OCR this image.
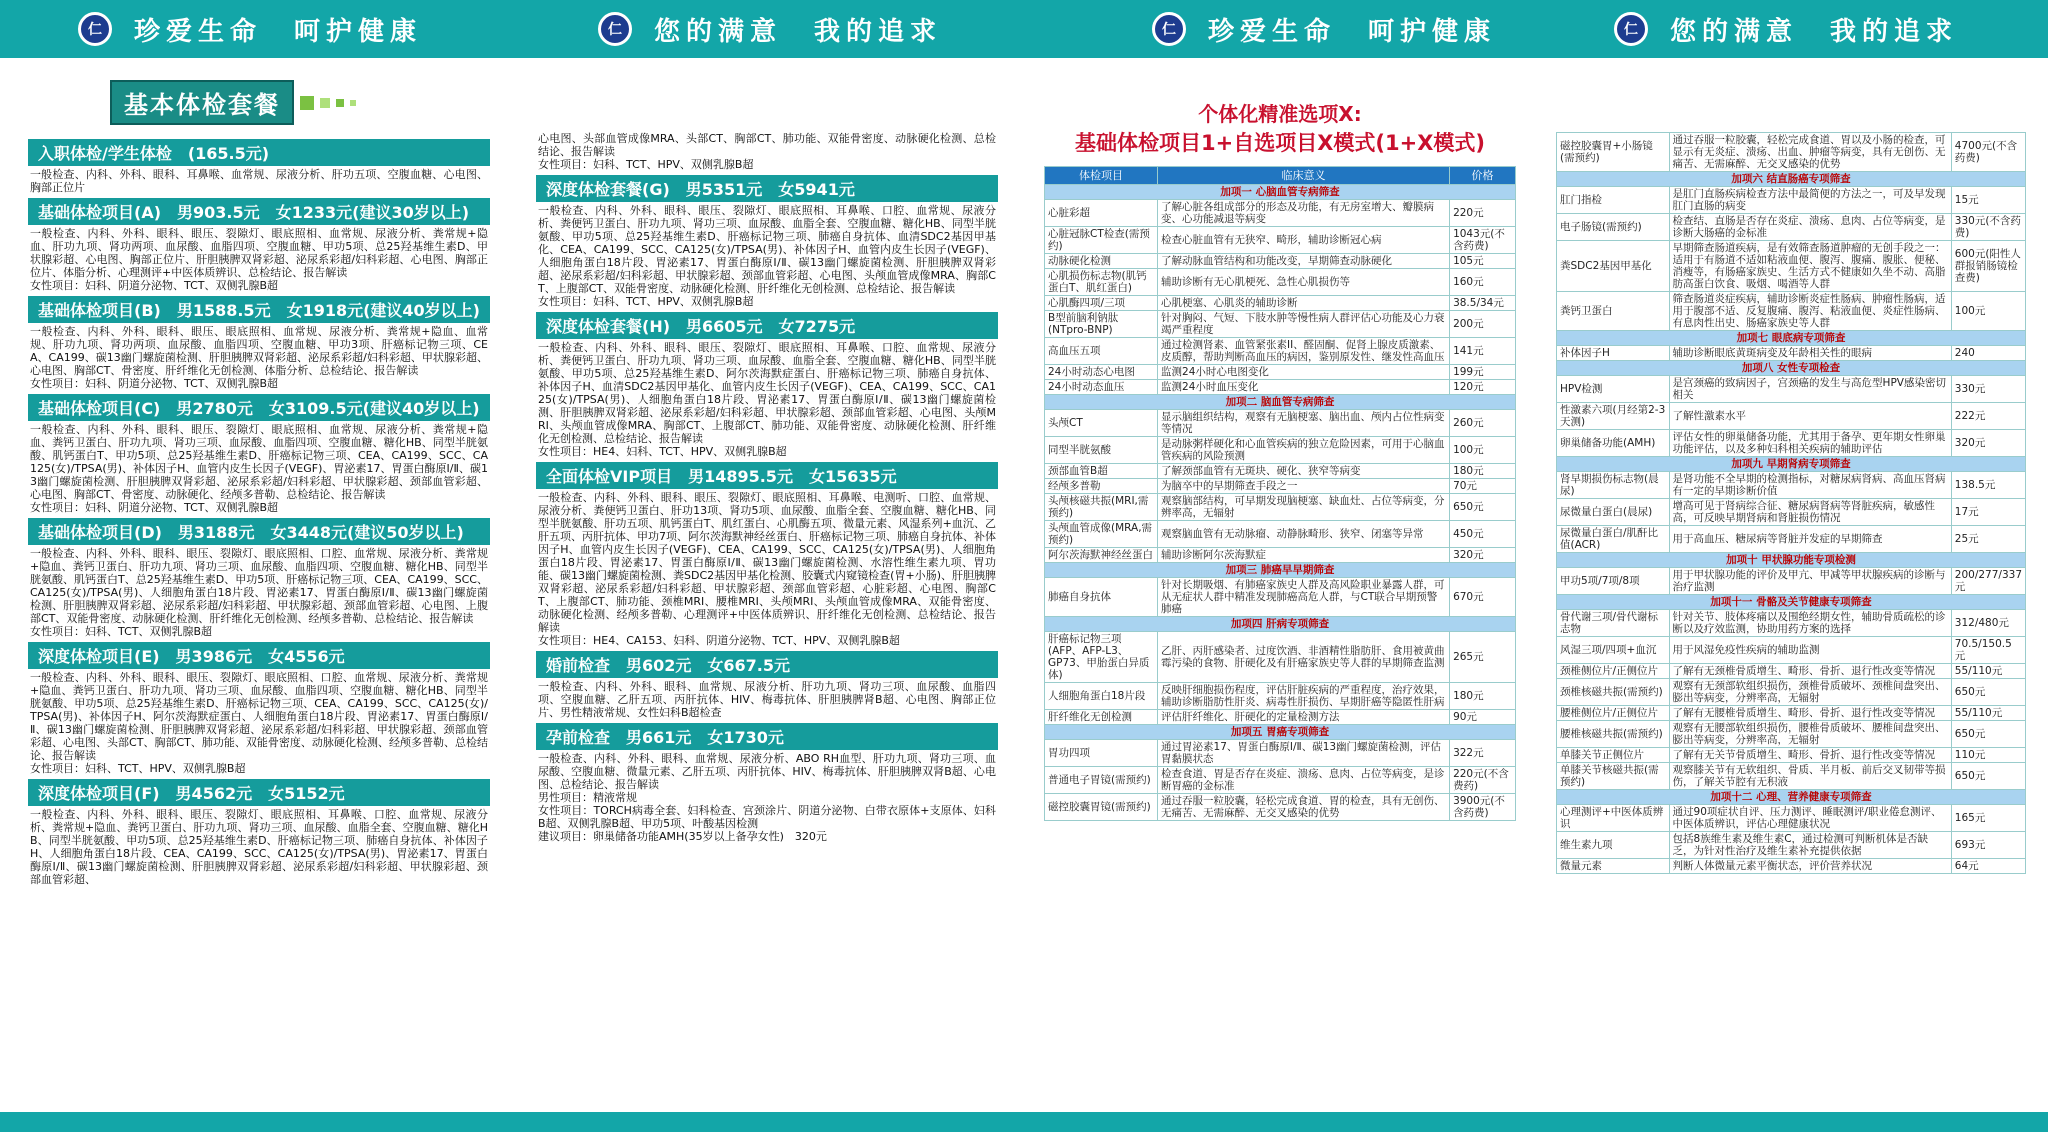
仁	珍爱生命　呵护健康	仁	您的满意　我的追求	仁	珍爱生命　呵护健康	仁	您的满意　我的追求
基本体检套餐
入职体检/学生体检　(165.5元)
一般检查、内科、外科、眼科、耳鼻喉、血常规、尿液分析、肝功五项、空腹血糖、心电图、胸部正位片
基础体检项目(A)　男903.5元　女1233元(建议30岁以上)
一般检查、内科、外科、眼科、眼压、裂隙灯、眼底照相、血常规、尿液分析、粪常规+隐血、肝功九项、肾功两项、血尿酸、血脂四项、空腹血糖、甲功5项、总25羟基维生素D、甲状腺彩超、心电图、胸部正位片、肝胆胰脾双肾彩超、泌尿系彩超/妇科彩超、心电图、胸部正位片、体脂分析、心理测评+中医体质辨识、总检结论、报告解读
女性项目：妇科、阴道分泌物、TCT、双侧乳腺B超
基础体检项目(B)　男1588.5元　女1918元(建议40岁以上)
一般检查、内科、外科、眼科、眼压、眼底照相、血常规、尿液分析、粪常规+隐血、血常规、肝功九项、肾功两项、血尿酸、血脂四项、空腹血糖、甲功3项、肝癌标记物三项、CEA、CA199、碳13幽门螺旋菌检测、肝胆胰脾双肾彩超、泌尿系彩超/妇科彩超、甲状腺彩超、心电图、胸部CT、骨密度、肝纤维化无创检测、体脂分析、总检结论、报告解读
女性项目：妇科、阴道分泌物、TCT、双侧乳腺B超
基础体检项目(C)　男2780元　女3109.5元(建议40岁以上)
一般检查、内科、外科、眼科、眼压、裂隙灯、眼底照相、血常规、尿液分析、粪常规+隐血、粪钙卫蛋白、肝功九项、肾功三项、血尿酸、血脂四项、空腹血糖、糖化HB、同型半胱氨酸、肌钙蛋白T、甲功5项、总25羟基维生素D、肝癌标记物三项、CEA、CA199、SCC、CA125(女)/TPSA(男)、补体因子H、血管内皮生长因子(VEGF)、胃泌素17、胃蛋白酶原Ⅰ/Ⅱ、碳13幽门螺旋菌检测、肝胆胰脾双肾彩超、泌尿系彩超/妇科彩超、甲状腺彩超、颈部血管彩超、心电图、胸部CT、骨密度、动脉硬化、经颅多普勒、总检结论、报告解读
女性项目：妇科、阴道分泌物、TCT、双侧乳腺B超
基础体检项目(D)　男3188元　女3448元(建议50岁以上)
一般检查、内科、外科、眼科、眼压、裂隙灯、眼底照相、口腔、血常规、尿液分析、粪常规+隐血、粪钙卫蛋白、肝功九项、肾功三项、血尿酸、血脂四项、空腹血糖、糖化HB、同型半胱氨酸、肌钙蛋白T、总25羟基维生素D、甲功5项、肝癌标记物三项、CEA、CA199、SCC、CA125(女)/TPSA(男)、人细胞角蛋白18片段、胃泌素17、胃蛋白酶原Ⅰ/Ⅱ、碳13幽门螺旋菌检测、肝胆胰脾双肾彩超、泌尿系彩超/妇科彩超、甲状腺彩超、颈部血管彩超、心电图、上腹部CT、双能骨密度、动脉硬化检测、肝纤维化无创检测、经颅多普勒、总检结论、报告解读
女性项目：妇科、TCT、双侧乳腺B超
深度体检项目(E)　男3986元　女4556元
一般检查、内科、外科、眼科、眼压、裂隙灯、眼底照相、口腔、血常规、尿液分析、粪常规+隐血、粪钙卫蛋白、肝功九项、肾功三项、血尿酸、血脂四项、空腹血糖、糖化HB、同型半胱氨酸、甲功5项、总25羟基维生素D、肝癌标记物三项、CEA、CA199、SCC、CA125(女)/TPSA(男)、补体因子H、阿尔茨海默症蛋白、人细胞角蛋白18片段、胃泌素17、胃蛋白酶原Ⅰ/Ⅱ、碳13幽门螺旋菌检测、肝胆胰脾双肾彩超、泌尿系彩超/妇科彩超、甲状腺彩超、颈部血管彩超、心电图、头部CT、胸部CT、肺功能、双能骨密度、动脉硬化检测、经颅多普勒、总检结论、报告解读
女性项目：妇科、TCT、HPV、双侧乳腺B超
深度体检项目(F)　男4562元　女5152元
一般检查、内科、外科、眼科、眼压、裂隙灯、眼底照相、耳鼻喉、口腔、血常规、尿液分析、粪常规+隐血、粪钙卫蛋白、肝功九项、肾功三项、血尿酸、血脂全套、空腹血糖、糖化HB、同型半胱氨酸、甲功5项、总25羟基维生素D、肝癌标记物三项、肺癌自身抗体、补体因子H、人细胞角蛋白18片段、CEA、CA199、SCC、CA125(女)/TPSA(男)、胃泌素17、胃蛋白酶原Ⅰ/Ⅱ、碳13幽门螺旋菌检测、肝胆胰脾双肾彩超、泌尿系彩超/妇科彩超、甲状腺彩超、颈部血管彩超、
心电图、头部血管成像MRA、头部CT、胸部CT、肺功能、双能骨密度、动脉硬化检测、总检结论、报告解读
女性项目：妇科、TCT、HPV、双侧乳腺B超
深度体检套餐(G)　男5351元　女5941元
一般检查、内科、外科、眼科、眼压、裂隙灯、眼底照相、耳鼻喉、口腔、血常规、尿液分析、粪便钙卫蛋白、肝功九项、肾功三项、血尿酸、血脂全套、空腹血糖、糖化HB、同型半胱氨酸、甲功5项、总25羟基维生素D、肝癌标记物三项、肺癌自身抗体、血清SDC2基因甲基化、CEA、CA199、SCC、CA125(女)/TPSA(男)、补体因子H、血管内皮生长因子(VEGF)、人细胞角蛋白18片段、胃泌素17、胃蛋白酶原Ⅰ/Ⅱ、碳13幽门螺旋菌检测、肝胆胰脾双肾彩超、泌尿系彩超/妇科彩超、甲状腺彩超、颈部血管彩超、心电图、头颅血管成像MRA、胸部CT、上腹部CT、双能骨密度、动脉硬化检测、肝纤维化无创检测、总检结论、报告解读
女性项目：妇科、TCT、HPV、双侧乳腺B超
深度体检套餐(H)　男6605元　女7275元
一般检查、内科、外科、眼科、眼压、裂隙灯、眼底照相、耳鼻喉、口腔、血常规、尿液分析、粪便钙卫蛋白、肝功九项、肾功三项、血尿酸、血脂全套、空腹血糖、糖化HB、同型半胱氨酸、甲功5项、总25羟基维生素D、阿尔茨海默症蛋白、肝癌标记物三项、肺癌自身抗体、补体因子H、血清SDC2基因甲基化、血管内皮生长因子(VEGF)、CEA、CA199、SCC、CA125(女)/TPSA(男)、人细胞角蛋白18片段、胃泌素17、胃蛋白酶原Ⅰ/Ⅱ、碳13幽门螺旋菌检测、肝胆胰脾双肾彩超、泌尿系彩超/妇科彩超、甲状腺彩超、颈部血管彩超、心电图、头颅MRI、头颅血管成像MRA、胸部CT、上腹部CT、肺功能、双能骨密度、动脉硬化检测、肝纤维化无创检测、总检结论、报告解读
女性项目：HE4、妇科、TCT、HPV、双侧乳腺B超
全面体检VIP项目　男14895.5元　女15635元
一般检查、内科、外科、眼科、眼压、裂隙灯、眼底照相、耳鼻喉、电测听、口腔、血常规、尿液分析、粪便钙卫蛋白、肝功13项、肾功5项、血尿酸、血脂全套、空腹血糖、糖化HB、同型半胱氨酸、肝功五项、肌钙蛋白T、肌红蛋白、心肌酶五项、微量元素、风湿系列+血沉、乙肝五项、丙肝抗体、甲功7项、阿尔茨海默神经丝蛋白、肝癌标记物三项、肺癌自身抗体、补体因子H、血管内皮生长因子(VEGF)、CEA、CA199、SCC、CA125(女)/TPSA(男)、人细胞角蛋白18片段、胃泌素17、胃蛋白酶原Ⅰ/Ⅱ、碳13幽门螺旋菌检测、水溶性维生素九项、胃功能、碳13幽门螺旋菌检测、粪SDC2基因甲基化检测、胶囊式内窥镜检查(胃+小肠)、肝胆胰脾双肾彩超、泌尿系彩超/妇科彩超、甲状腺彩超、颈部血管彩超、心脏彩超、心电图、胸部CT、上腹部CT、肺功能、颈椎MRI、腰椎MRI、头颅MRI、头颅血管成像MRA、双能骨密度、动脉硬化检测、经颅多普勒、心理测评+中医体质辨识、肝纤维化无创检测、总检结论、报告解读
女性项目：HE4、CA153、妇科、阴道分泌物、TCT、HPV、双侧乳腺B超
婚前检查　男602元　女667.5元
一般检查、内科、外科、眼科、血常规、尿液分析、肝功九项、肾功三项、血尿酸、血脂四项、空腹血糖、乙肝五项、丙肝抗体、HIV、梅毒抗体、肝胆胰脾肾B超、心电图、胸部正位片、男性精液常规、女性妇科B超检查
孕前检查　男661元　女1730元
一般检查、内科、外科、眼科、血常规、尿液分析、ABO RH血型、肝功九项、肾功三项、血尿酸、空腹血糖、微量元素、乙肝五项、丙肝抗体、HIV、梅毒抗体、肝胆胰脾双肾B超、心电图、总检结论、报告解读
男性项目：精液常规
女性项目：TORCH病毒全套、妇科检查、宫颈涂片、阴道分泌物、白带衣原体+支原体、妇科B超、双侧乳腺B超、甲功5项、叶酸基因检测
建议项目：卵巢储备功能AMH(35岁以上备孕女性)　320元
个体化精准选项X:
基础体检项目1+自选项目X模式(1+X模式)
体检项目	临床意义	价格
加项一 心脑血管专病筛查		
心脏彩超	了解心脏各组成部分的形态及功能，有无房室增大、瓣膜病变、心功能减退等病变	220元
心脏冠脉CT检查(需预约)	检查心脏血管有无狭窄、畸形，辅助诊断冠心病	1043元(不含药费)
动脉硬化检测	了解动脉血管结构和功能改变，早期筛查动脉硬化	105元
心肌损伤标志物(肌钙蛋白T、肌红蛋白)	辅助诊断有无心肌梗死、急性心肌损伤等	160元
心肌酶四项/三项	心肌梗塞、心肌炎的辅助诊断	38.5/34元
B型前脑利钠肽(NTpro-BNP)	针对胸闷、气短、下肢水肿等慢性病人群评估心功能及心力衰竭严重程度	200元
高血压五项	通过检测肾素、血管紧张素II、醛固酮、促肾上腺皮质激素、皮质醇，帮助判断高血压的病因，鉴别原发性、继发性高血压	141元
24小时动态心电图	监测24小时心电图变化	199元
24小时动态血压	监测24小时血压变化	120元
加项二 脑血管专病筛查		
头颅CT	显示脑组织结构，观察有无脑梗塞、脑出血、颅内占位性病变等情况	260元
同型半胱氨酸	是动脉粥样硬化和心血管疾病的独立危险因素，可用于心脑血管疾病的风险预测	100元
颈部血管B超	了解颈部血管有无斑块、硬化、狭窄等病变	180元
经颅多普勒	为脑卒中的早期筛查手段之一	70元
头颅核磁共振(MRI,需预约)	观察脑部结构，可早期发现脑梗塞、缺血灶、占位等病变，分辨率高，无辐射	650元
头颅血管成像(MRA,需预约)	观察脑血管有无动脉瘤、动静脉畸形、狭窄、闭塞等异常	450元
阿尔茨海默神经丝蛋白	辅助诊断阿尔茨海默症	320元
加项三 肺癌早早期筛查		
肺癌自身抗体	针对长期吸烟、有肺癌家族史人群及高风险职业暴露人群，可从无症状人群中精准发现肺癌高危人群，与CT联合早期预警肺癌	670元
加项四 肝病专项筛查		
肝癌标记物三项(AFP、AFP-L3、GP73、甲胎蛋白异质体)	乙肝、丙肝感染者、过度饮酒、非酒精性脂肪肝、食用被黄曲霉污染的食物、肝硬化及有肝癌家族史等人群的早期筛查监测	265元
人细胞角蛋白18片段	反映肝细胞损伤程度，评估肝脏疾病的严重程度，治疗效果，辅助诊断脂肪性肝炎、病毒性肝损伤、早期肝癌等隐匿性肝病	180元
肝纤维化无创检测	评估肝纤维化、肝硬化的定量检测方法	90元
加项五 胃癌专项筛查		
胃功四项	通过胃泌素17、胃蛋白酶原Ⅰ/Ⅱ、碳13幽门螺旋菌检测，评估胃黏膜状态	322元
普通电子胃镜(需预约)	检查食道、胃是否存在炎症、溃疡、息肉、占位等病变，是诊断胃癌的金标准	220元(不含费药)
磁控胶囊胃镜(需预约)	通过吞服一粒胶囊，轻松完成食道、胃的检查，具有无创伤、无痛苦、无需麻醉、无交叉感染的优势	3900元(不含药费)
磁控胶囊胃+小肠镜(需预约)	通过吞服一粒胶囊，轻松完成食道、胃以及小肠的检查，可显示有无炎症、溃疡、出血、肿瘤等病变，具有无创伤、无痛苦、无需麻醉、无交叉感染的优势	4700元(不含药费)
加项六 结直肠癌专项筛查		
肛门指检	是肛门直肠疾病检查方法中最简便的方法之一，可及早发现肛门直肠的病变	15元
电子肠镜(需预约)	检查结、直肠是否存在炎症、溃疡、息肉、占位等病变，是诊断大肠癌的金标准	330元(不含药费)
粪SDC2基因甲基化	早期筛查肠道疾病，是有效筛查肠道肿瘤的无创手段之一：适用于有肠道不适如粘液血便、腹泻、腹痛、腹胀、便秘、消瘦等，有肠癌家族史、生活方式不健康如久坐不动、高脂肪高蛋白饮食、吸烟、喝酒等人群	600元(阳性人群报销肠镜检查费)
粪钙卫蛋白	筛查肠道炎症疾病，辅助诊断炎症性肠病、肿瘤性肠病，适用于腹部不适、反复腹痛、腹泻、粘液血便、炎症性肠病、有息肉性出史、肠癌家族史等人群	100元
加项七 眼底病专项筛查		
补体因子H	辅助诊断眼底黄斑病变及年龄相关性的眼病	240
加项八 女性专项检查		
HPV检测	是宫颈癌的致病因子，宫颈癌的发生与高危型HPV感染密切相关	330元
性激素六项(月经第2-3天测)	了解性激素水平	222元
卵巢储备功能(AMH)	评估女性的卵巢储备功能，尤其用于备孕、更年期女性卵巢功能评估，以及多种妇科相关疾病的辅助评估	320元
加项九 早期肾病专项筛查		
肾早期损伤标志物(晨尿)	是肾功能不全早期的检测指标，对糖尿病肾病、高血压肾病有一定的早期诊断价值	138.5元
尿微量白蛋白(晨尿)	增高可见于肾病综合征、糖尿病肾病等肾脏疾病，敏感性高，可反映早期肾病和肾脏损伤情况	17元
尿微量白蛋白/肌酐比值(ACR)	用于高血压、糖尿病等肾脏并发症的早期筛查	25元
加项十 甲状腺功能专项检测		
甲功5项/7项/8项	用于甲状腺功能的评价及甲亢、甲减等甲状腺疾病的诊断与治疗监测	200/277/337元
加项十一 骨骼及关节健康专项筛查		
骨代谢三项/骨代谢标志物	针对关节、肢体疼痛以及围绝经期女性，辅助骨质疏松的诊断以及疗效监测，协助用药方案的选择	312/480元
风湿三项/四项+血沉	用于风湿免疫性疾病的辅助监测	70.5/150.5元
颈椎侧位片/正侧位片	了解有无颈椎骨质增生、畸形、骨折、退行性改变等情况	55/110元
颈椎核磁共振(需预约)	观察有无颈部软组织损伤，颈椎骨质破坏、颈椎间盘突出、膨出等病变，分辨率高，无辐射	650元
腰椎侧位片/正侧位片	了解有无腰椎骨质增生、畸形、骨折、退行性改变等情况	55/110元
腰椎核磁共振(需预约)	观察有无腰部软组织损伤，腰椎骨质破坏、腰椎间盘突出、膨出等病变，分辨率高，无辐射	650元
单膝关节正侧位片	了解有无关节骨质增生、畸形、骨折、退行性改变等情况	110元
单膝关节核磁共振(需预约)	观察膝关节有无软组织、骨质、半月板、前后交叉韧带等损伤，了解关节腔有无积液	650元
加项十二 心理、营养健康专项筛查		
心理测评+中医体质辨识	通过90项症状自评、压力测评、睡眠测评/职业倦怠测评、中医体质辨识，评估心理健康状况	165元
维生素九项	包括8族维生素及维生素C，通过检测可判断机体是否缺乏，为针对性治疗及维生素补充提供依据	693元
微量元素	判断人体微量元素平衡状态，评价营养状况	64元
